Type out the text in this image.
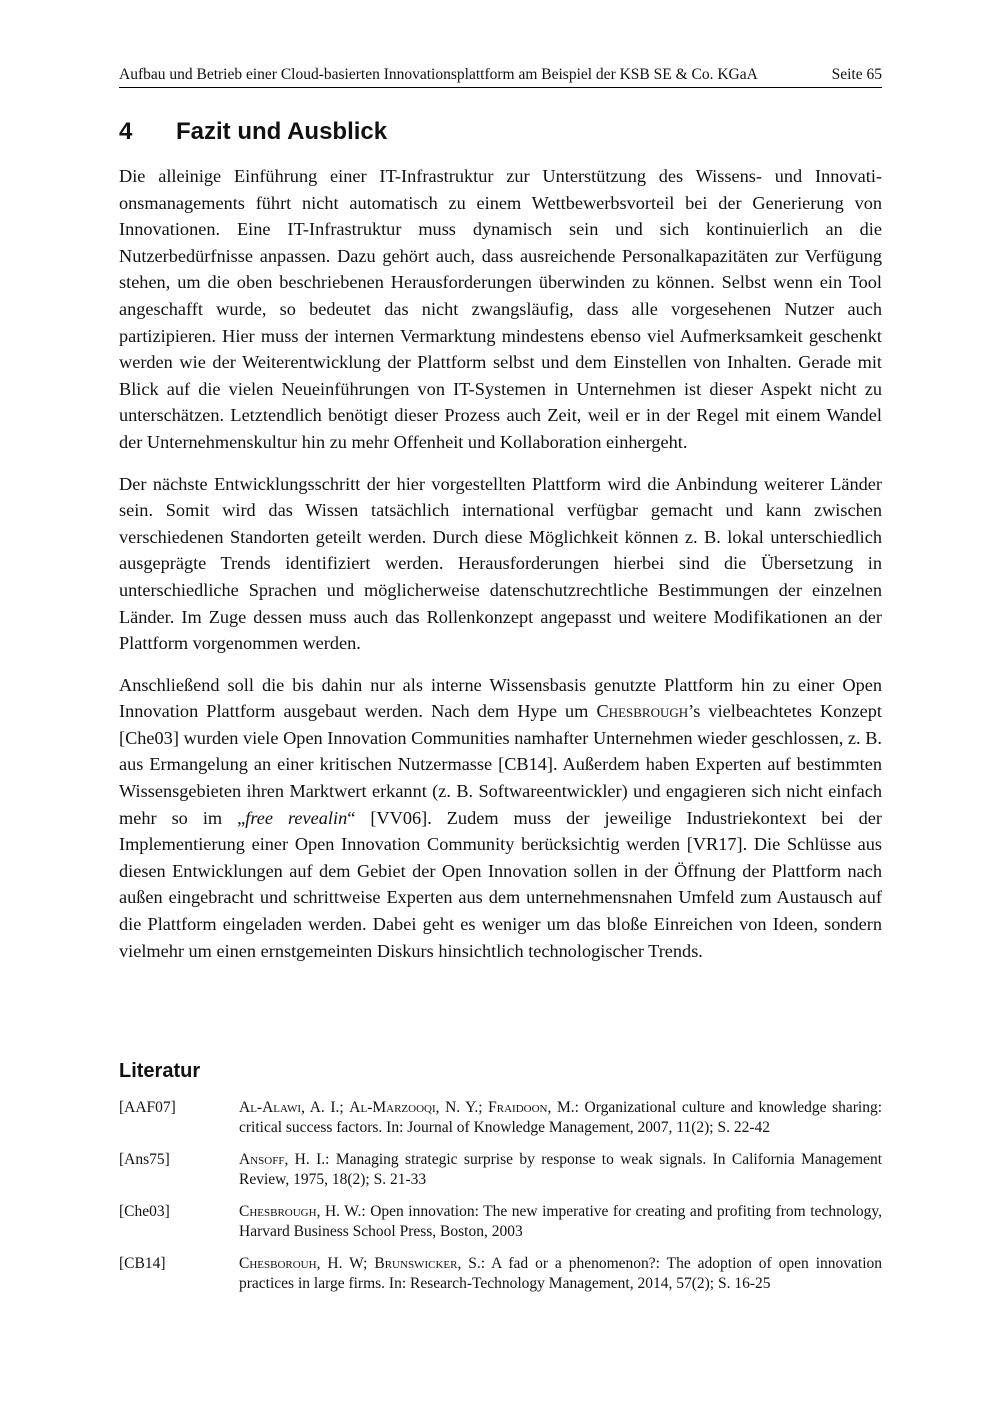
Aufbau und Betrieb einer Cloud-basierten Innovationsplattform am Beispiel der KSB SE & Co. KGaA	Seite 65
4 Fazit und Ausblick

Die alleinige Einführung einer IT-Infrastruktur zur Unterstützung des Wissens- und Innovationsmanagements führt nicht automatisch zu einem Wettbewerbsvorteil bei der Generierung von Innovationen. Eine IT-Infrastruktur muss dynamisch sein und sich kontinuierlich an die Nutzerbedürfnisse anpassen. Dazu gehört auch, dass ausreichende Personalkapazitäten zur Verfügung stehen, um die oben beschriebenen Herausforderungen überwinden zu können. Selbst wenn ein Tool angeschafft wurde, so bedeutet das nicht zwangsläufig, dass alle vorgesehenen Nutzer auch partizipieren. Hier muss der internen Vermarktung mindestens ebenso viel Aufmerksamkeit geschenkt werden wie der Weiterentwicklung der Plattform selbst und dem Einstellen von Inhalten. Gerade mit Blick auf die vielen Neueinführungen von IT-Systemen in Unternehmen ist dieser Aspekt nicht zu unterschätzen. Letztendlich benötigt dieser Prozess auch Zeit, weil er in der Regel mit einem Wandel der Unternehmenskultur hin zu mehr Offenheit und Kollaboration einhergeht.

Der nächste Entwicklungsschritt der hier vorgestellten Plattform wird die Anbindung weiterer Länder sein. Somit wird das Wissen tatsächlich international verfügbar gemacht und kann zwischen verschiedenen Standorten geteilt werden. Durch diese Möglichkeit können z. B. lokal unterschiedlich ausgeprägte Trends identifiziert werden. Herausforderungen hierbei sind die Übersetzung in unterschiedliche Sprachen und möglicherweise datenschutzrechtliche Bestimmungen der einzelnen Länder. Im Zuge dessen muss auch das Rollenkonzept angepasst und weitere Modifikationen an der Plattform vorgenommen werden.

Anschließend soll die bis dahin nur als interne Wissensbasis genutzte Plattform hin zu einer Open Innovation Plattform ausgebaut werden. Nach dem Hype um Chesbrough’s vielbeachtetes Konzept [Che03] wurden viele Open Innovation Communities namhafter Unternehmen wieder geschlossen, z. B. aus Ermangelung an einer kritischen Nutzermasse [CB14]. Außerdem haben Experten auf bestimmten Wissensgebieten ihren Marktwert erkannt (z. B. Softwareentwickler) und engagieren sich nicht einfach mehr so im „free revealin“ [VV06]. Zudem muss der jeweilige Industriekontext bei der Implementierung einer Open Innovation Community berücksichtig werden [VR17]. Die Schlüsse aus diesen Entwicklungen auf dem Gebiet der Open Innovation sollen in der Öffnung der Plattform nach außen eingebracht und schrittweise Experten aus dem unternehmensnahen Umfeld zum Austausch auf die Plattform eingeladen werden. Dabei geht es weniger um das bloße Einreichen von Ideen, sondern vielmehr um einen ernstgemeinten Diskurs hinsichtlich technologischer Trends.

Literatur
[AAF07]	Al-Alawi, A. I.; Al-Marzooqi, N. Y.; Fraidoon, M.: Organizational culture and knowledge sharing: critical success factors. In: Journal of Knowledge Management, 2007, 11(2); S. 22-42
[Ans75]	Ansoff, H. I.: Managing strategic surprise by response to weak signals. In California Management Review, 1975, 18(2); S. 21-33
[Che03]	Chesbrough, H. W.: Open innovation: The new imperative for creating and profiting from technology, Harvard Business School Press, Boston, 2003
[CB14]	Chesborouh, H. W; Brunswicker, S.: A fad or a phenomenon?: The adoption of open innovation practices in large firms. In: Research-Technology Management, 2014, 57(2); S. 16-25
